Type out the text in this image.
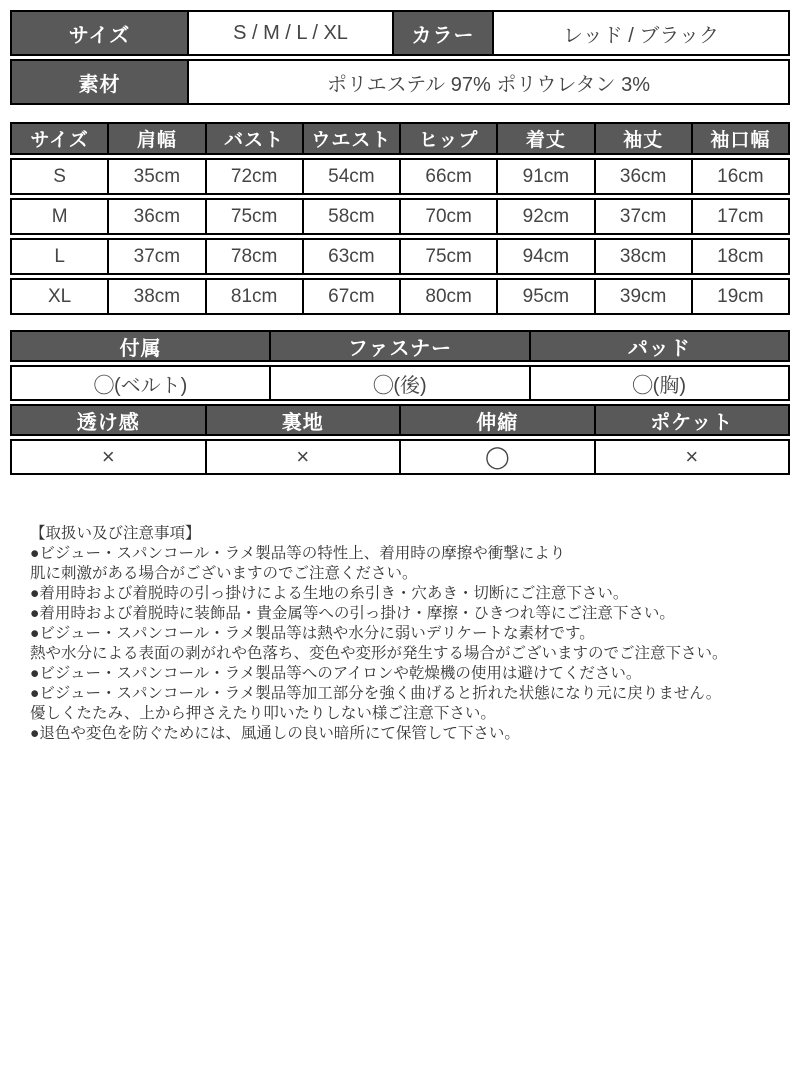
サイズ	S / M / L / XL	カラー	レッド / ブラック
素材	ポリエステル 97% ポリウレタン 3%
サイズ	肩幅	バスト	ウエスト	ヒップ	着丈	袖丈	袖口幅
S	35cm	72cm	54cm	66cm	91cm	36cm	16cm
M	36cm	75cm	58cm	70cm	92cm	37cm	17cm
L	37cm	78cm	63cm	75cm	94cm	38cm	18cm
XL	38cm	81cm	67cm	80cm	95cm	39cm	19cm
付属	ファスナー	パッド
◯(ベルト)	◯(後)	◯(胸)
透け感	裏地	伸縮	ポケット
×	×	◯	×
【取扱い及び注意事項】
●ビジュー・スパンコール・ラメ製品等の特性上、着用時の摩擦や衝撃により
肌に刺激がある場合がございますのでご注意ください。
●着用時および着脱時の引っ掛けによる生地の糸引き・穴あき・切断にご注意下さい。
●着用時および着脱時に装飾品・貴金属等への引っ掛け・摩擦・ひきつれ等にご注意下さい。
●ビジュー・スパンコール・ラメ製品等は熱や水分に弱いデリケートな素材です。
熱や水分による表面の剥がれや色落ち、変色や変形が発生する場合がございますのでご注意下さい。
●ビジュー・スパンコール・ラメ製品等へのアイロンや乾燥機の使用は避けてください。
●ビジュー・スパンコール・ラメ製品等加工部分を強く曲げると折れた状態になり元に戻りません。
優しくたたみ、上から押さえたり叩いたりしない様ご注意下さい。
●退色や変色を防ぐためには、風通しの良い暗所にて保管して下さい。
